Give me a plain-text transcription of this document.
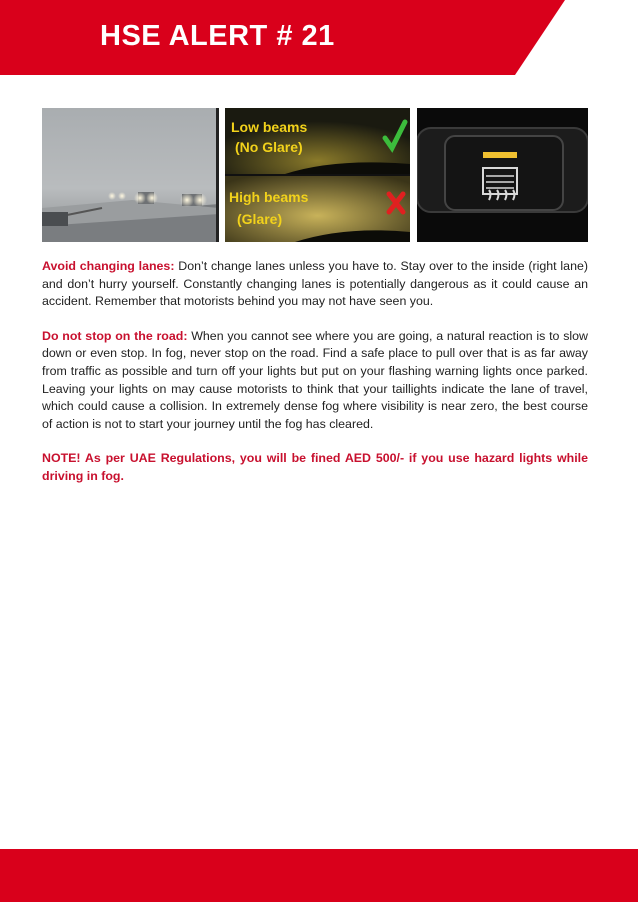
HSE ALERT # 21
Low beams
(No Glare)
High beams
(Glare)

Avoid changing lanes: Don’t change lanes unless you have to. Stay over to the inside (right lane) and don’t hurry yourself. Constantly changing lanes is potentially dangerous as it could cause an accident. Remember that motorists behind you may not have seen you.

Do not stop on the road: When you cannot see where you are going, a natural reaction is to slow down or even stop. In fog, never stop on the road. Find a safe place to pull over that is as far away from traffic as possible and turn off your lights but put on your flashing warning lights once parked. Leaving your lights on may cause motorists to think that your taillights indicate the lane of travel, which could cause a collision. In extremely dense fog where visibility is near zero, the best course of action is not to start your journey until the fog has cleared.

NOTE! As per UAE Regulations, you will be fined AED 500/- if you use hazard lights while driving in fog.
